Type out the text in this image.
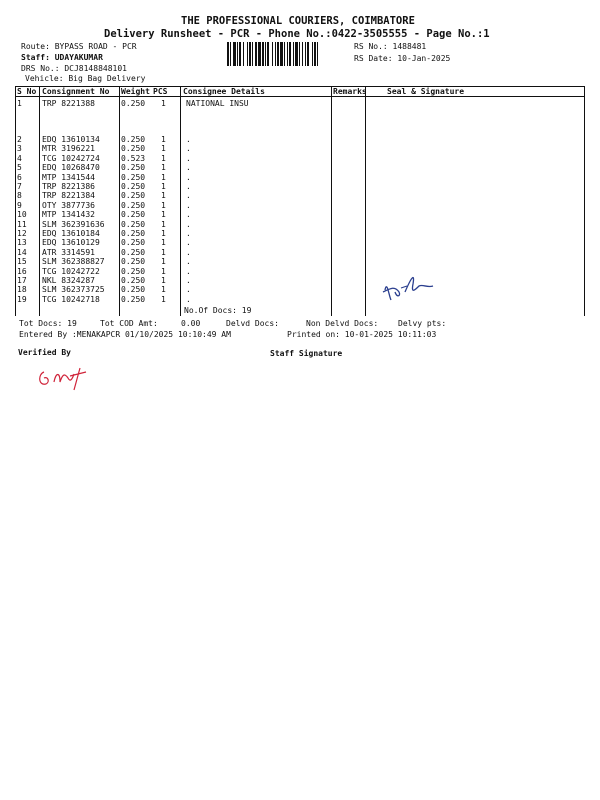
THE PROFESSIONAL COURIERS, COIMBATORE
Delivery Runsheet - PCR - Phone No.:0422-3505555 - Page No.:1
Route: BYPASS ROAD - PCR
Staff: UDAYAKUMAR
DRS No.: DCJ8148848101
Vehicle: Big Bag Delivery
RS No.: 1488481
RS Date: 10-Jan-2025
S No Consignment No Weight PCS Consignee Details	Remarks	Seal & Signature
1	TRP 8221388	0.250 1	NATIONAL INSU
2	EDQ 13610134	0.250 1	.
3	MTR 3196221	0.250 1	.
4	TCG 10242724	0.523 1	.
5	EDQ 10268470	0.250 1	.
6	MTP 1341544	0.250 1	.
7	TRP 8221386	0.250 1	.
8	TRP 8221384	0.250 1	.
9	OTY 3877736	0.250 1	.
10 MTP 1341432	0.250 1	.
11 SLM 362391636 0.250 1	.
12 EDQ 13610184	0.250 1	.
13 EDQ 13610129	0.250 1	.
14 ATR 3314591	0.250 1	.
15 SLM 362388827 0.250 1	.
16 TCG 10242722	0.250 1	.
17 NKL 8324287	0.250 1	.
18 SLM 362373725 0.250 1	.
19 TCG 10242718	0.250 1	.
No.Of Docs: 19
Tot Docs: 19	Tot COD Amt:	0.00	Delvd Docs:	Non Delvd Docs: Delvy pts:
Entered By :MENAKAPCR 01/10/2025 10:10:49 AM	Printed on: 10-01-2025 10:11:03
Verified By	Staff Signature
